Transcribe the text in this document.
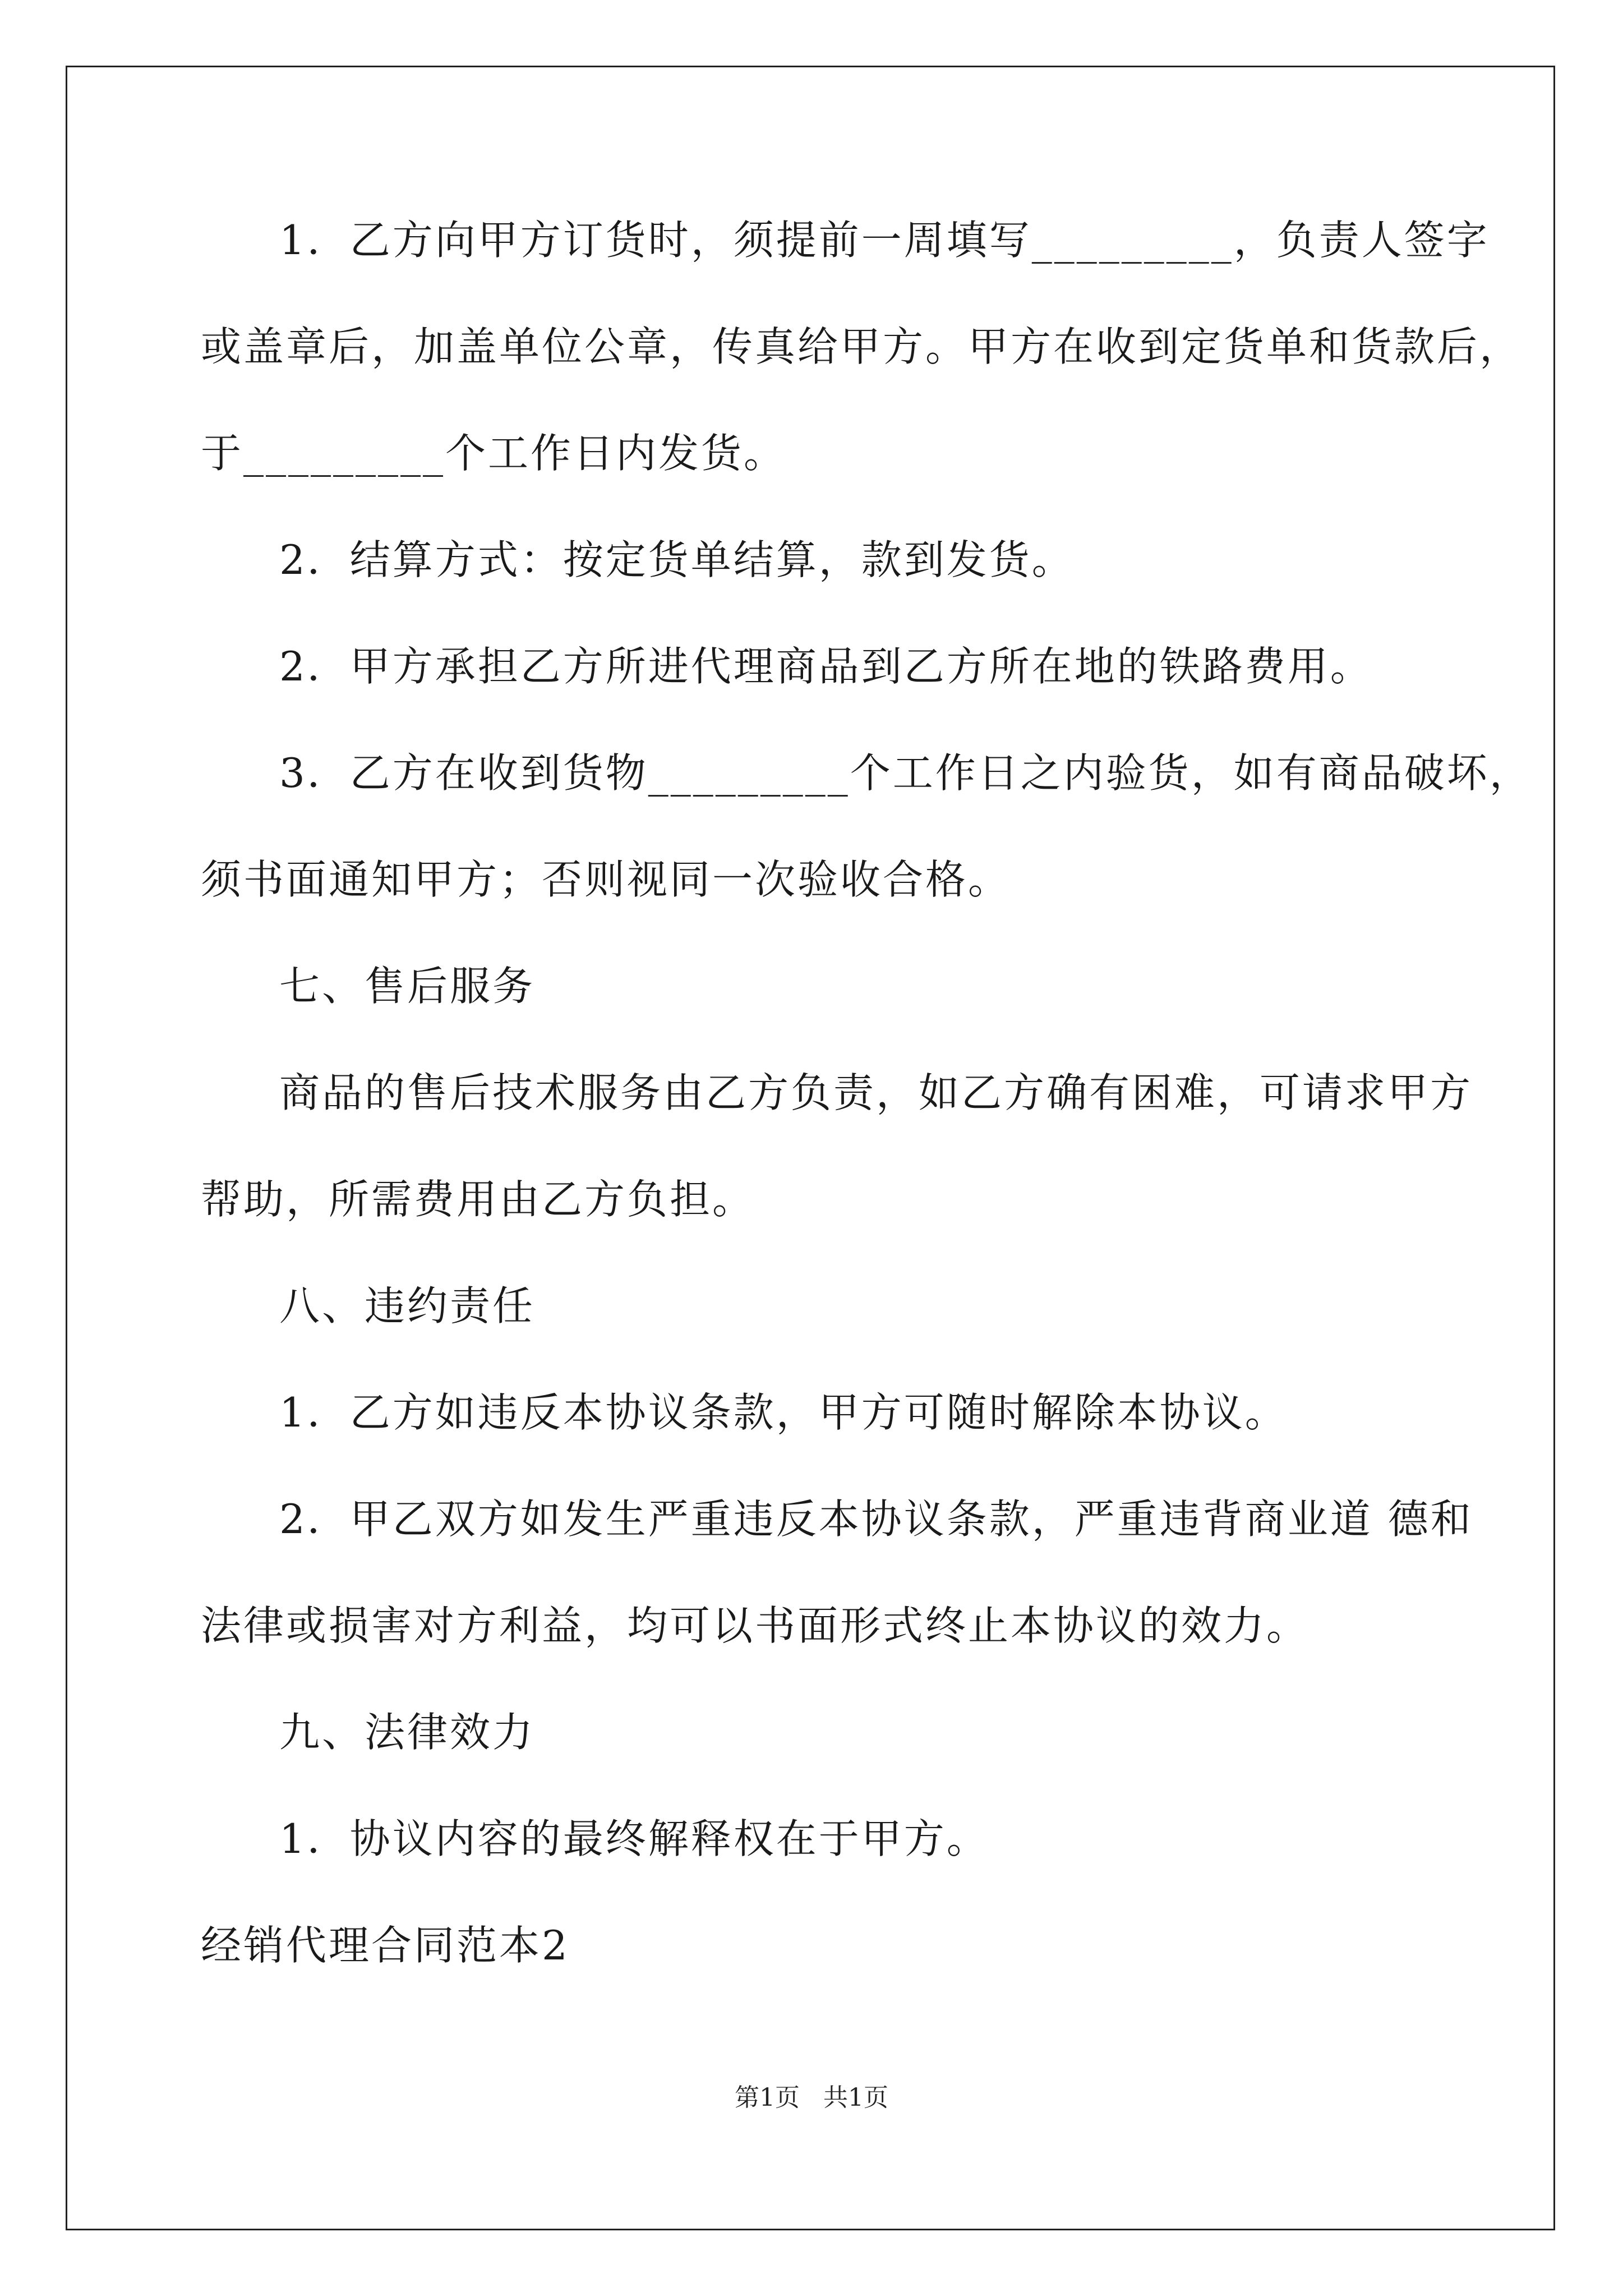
1．乙方向甲方订货时，须提前一周填写_________，负责人签字
或盖章后，加盖单位公章，传真给甲方。甲方在收到定货单和货款后，
于_________个工作日内发货。
2．结算方式：按定货单结算，款到发货。
2．甲方承担乙方所进代理商品到乙方所在地的铁路费用。
3．乙方在收到货物_________个工作日之内验货，如有商品破坏，
须书面通知甲方；否则视同一次验收合格。
七、售后服务
商品的售后技术服务由乙方负责，如乙方确有困难，可请求甲方
帮助，所需费用由乙方负担。
八、违约责任
1．乙方如违反本协议条款，甲方可随时解除本协议。
2．甲乙双方如发生严重违反本协议条款，严重违背商业道 德和
法律或损害对方利益，均可以书面形式终止本协议的效力。
九、法律效力
1．协议内容的最终解释权在于甲方。
经销代理合同范本2
第1页   共1页
